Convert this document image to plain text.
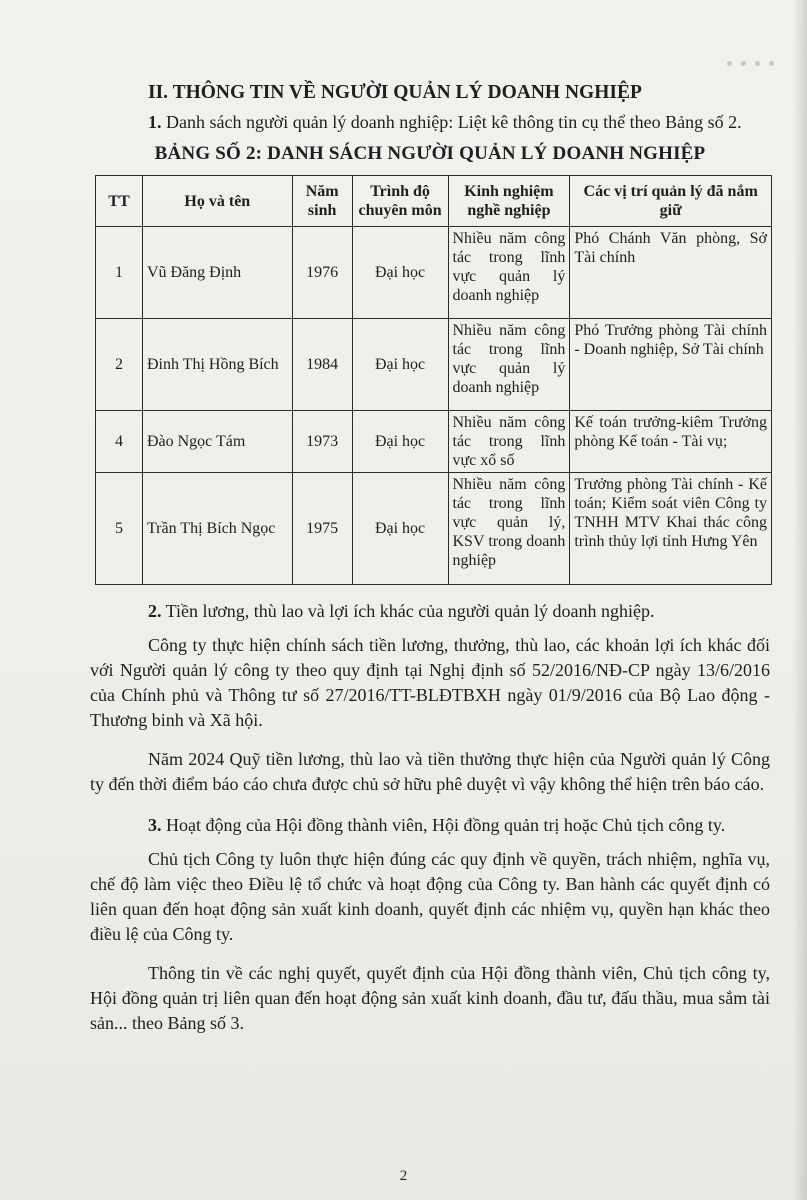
II. THÔNG TIN VỀ NGƯỜI QUẢN LÝ DOANH NGHIỆP

1. Danh sách người quản lý doanh nghiệp: Liệt kê thông tin cụ thể theo Bảng số 2.

BẢNG SỐ 2: DANH SÁCH NGƯỜI QUẢN LÝ DOANH NGHIỆP
TT	Họ và tên	Năm sinh	Trình độ chuyên môn	Kinh nghiệm nghề nghiệp	Các vị trí quản lý đã nắm giữ
1	Vũ Đăng Định	1976	Đại học	Nhiều năm công tác trong lĩnh vực quản lý doanh nghiệp	Phó Chánh Văn phòng, Sở Tài chính
2	Đinh Thị Hồng Bích	1984	Đại học	Nhiều năm công tác trong lĩnh vực quản lý doanh nghiệp	Phó Trưởng phòng Tài chính - Doanh nghiệp, Sở Tài chính
4	Đào Ngọc Tám	1973	Đại học	Nhiều năm công tác trong lĩnh vực xổ số	Kế toán trưởng-kiêm Trưởng phòng Kế toán - Tài vụ;
5	Trần Thị Bích Ngọc	1975	Đại học	Nhiều năm công tác trong lĩnh vực quản lý, KSV trong doanh nghiệp	Trưởng phòng Tài chính - Kế toán; Kiểm soát viên Công ty TNHH MTV Khai thác công trình thủy lợi tỉnh Hưng Yên

2. Tiền lương, thù lao và lợi ích khác của người quản lý doanh nghiệp.

Công ty thực hiện chính sách tiền lương, thưởng, thù lao, các khoản lợi ích khác đối với Người quản lý công ty theo quy định tại Nghị định số 52/2016/NĐ-CP ngày 13/6/2016 của Chính phủ và Thông tư số 27/2016/TT-BLĐTBXH ngày 01/9/2016 của Bộ Lao động - Thương binh và Xã hội.

Năm 2024 Quỹ tiền lương, thù lao và tiền thưởng thực hiện của Người quản lý Công ty đến thời điểm báo cáo chưa được chủ sở hữu phê duyệt vì vậy không thể hiện trên báo cáo.

3. Hoạt động của Hội đồng thành viên, Hội đồng quản trị hoặc Chủ tịch công ty.

Chủ tịch Công ty luôn thực hiện đúng các quy định về quyền, trách nhiệm, nghĩa vụ, chế độ làm việc theo Điều lệ tổ chức và hoạt động của Công ty. Ban hành các quyết định có liên quan đến hoạt động sản xuất kinh doanh, quyết định các nhiệm vụ, quyền hạn khác theo điều lệ của Công ty.

Thông tin về các nghị quyết, quyết định của Hội đồng thành viên, Chủ tịch công ty, Hội đồng quản trị liên quan đến hoạt động sản xuất kinh doanh, đầu tư, đấu thầu, mua sắm tài sản... theo Bảng số 3.

2
